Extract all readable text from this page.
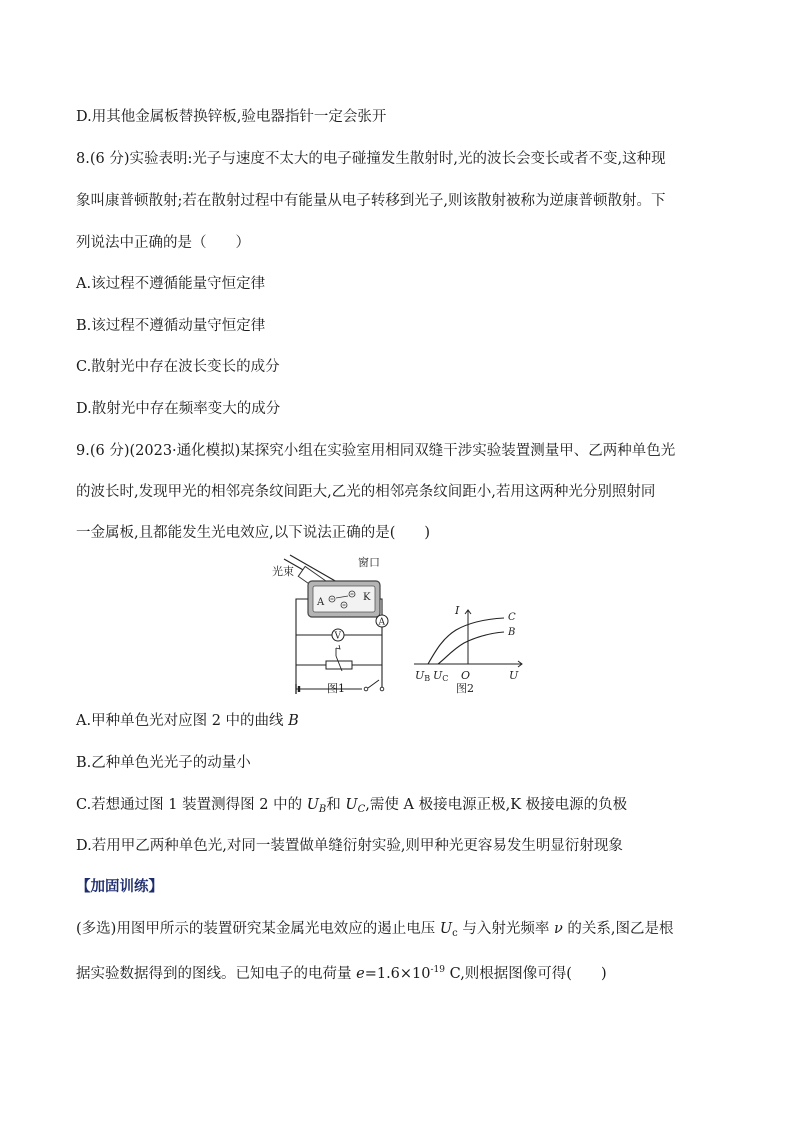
D.用其他金属板替换锌板,验电器指针一定会张开
8.(6 分)实验表明:光子与速度不太大的电子碰撞发生散射时,光的波长会变长或者不变,这种现
象叫康普顿散射;若在散射过程中有能量从电子转移到光子,则该散射被称为逆康普顿散射。下
列说法中正确的是（　　）
A.该过程不遵循能量守恒定律
B.该过程不遵循动量守恒定律
C.散射光中存在波长变长的成分
D.散射光中存在频率变大的成分
9.(6 分)(2023·通化模拟)某探究小组在实验室用相同双缝干涉实验装置测量甲、乙两种单色光
的波长时,发现甲光的相邻亮条纹间距大,乙光的相邻亮条纹间距小,若用这两种光分别照射同
一金属板,且都能发生光电效应,以下说法正确的是(　　)
光束
窗口
A	K
A
V
图1
I
U
O
C
B
UB UC
图2
A.甲种单色光对应图 2 中的曲线 B
B.乙种单色光光子的动量小
C.若想通过图 1 装置测得图 2 中的 $U_B$和 $U_C$,需使 A 极接电源正极,K 极接电源的负极
D.若用甲乙两种单色光,对同一装置做单缝衍射实验,则甲种光更容易发生明显衍射现象
【加固训练】
(多选)用图甲所示的装置研究某金属光电效应的遏止电压 $U_c$ 与入射光频率 ν 的关系,图乙是根
据实验数据得到的图线。已知电子的电荷量 $e=1.6\times 10^{-19}$ C,则根据图像可得(　　)
